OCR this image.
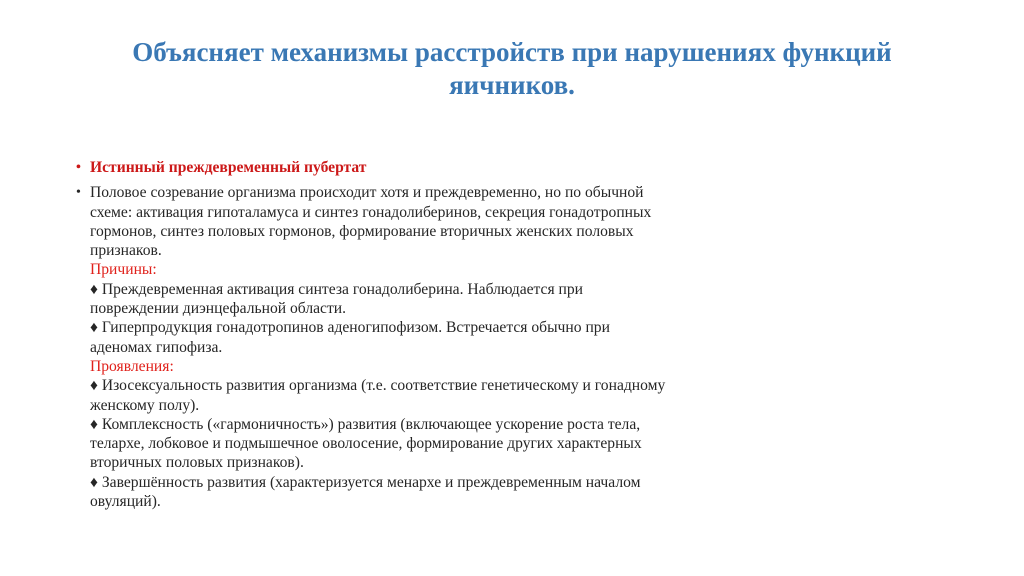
Объясняет механизмы расстройств при нарушениях функций
яичников.
• Истинный преждевременный пубертат
• Половое созревание организма происходит хотя и преждевременно, но по обычной
схеме: активация гипоталамуса и синтез гонадолиберинов, секреция гонадотропных
гормонов, синтез половых гормонов, формирование вторичных женских половых
признаков.
Причины:
♦ Преждевременная активация синтеза гонадолиберина. Наблюдается при
повреждении диэнцефальной области.
♦ Гиперпродукция гонадотропинов аденогипофизом. Встречается обычно при
аденомах гипофиза.
Проявления:
♦ Изосексуальность развития организма (т.е. соответствие генетическому и гонадному
женскому полу).
♦ Комплексность («гармоничность») развития (включающее ускорение роста тела,
телархе, лобковое и подмышечное оволосение, формирование других характерных
вторичных половых признаков).
♦ Завершённость развития (характеризуется менархе и преждевременным началом
овуляций).
